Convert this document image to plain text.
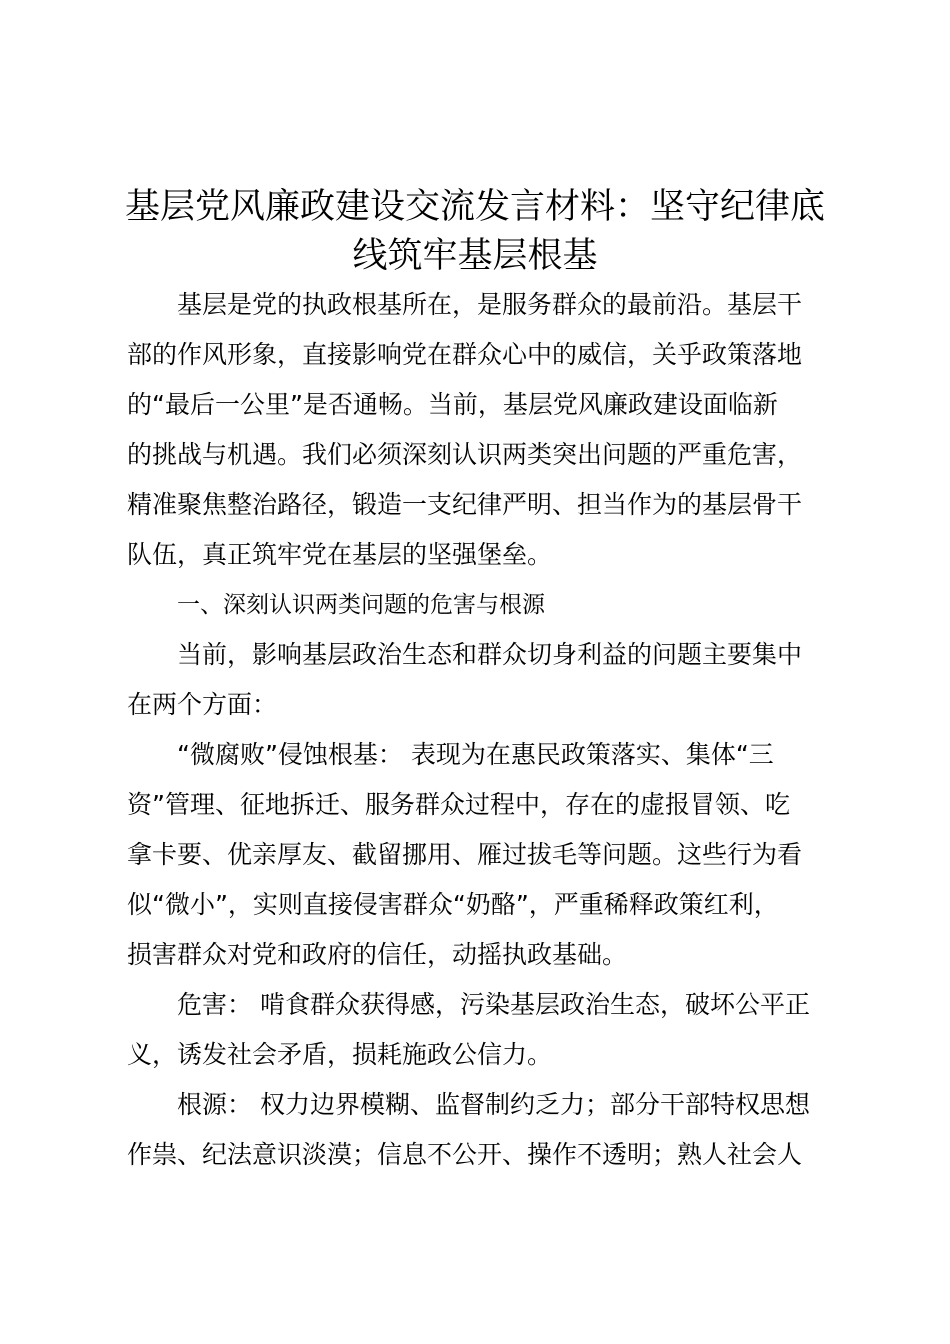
基层党风廉政建设交流发言材料：坚守纪律底
线筑牢基层根基

基层是党的执政根基所在，是服务群众的最前沿。基层干
部的作风形象，直接影响党在群众心中的威信，关乎政策落地
的“最后一公里”是否通畅。当前，基层党风廉政建设面临新
的挑战与机遇。我们必须深刻认识两类突出问题的严重危害，
精准聚焦整治路径，锻造一支纪律严明、担当作为的基层骨干
队伍，真正筑牢党在基层的坚强堡垒。

一、深刻认识两类问题的危害与根源

当前，影响基层政治生态和群众切身利益的问题主要集中
在两个方面：

“微腐败”侵蚀根基： 表现为在惠民政策落实、集体“三
资”管理、征地拆迁、服务群众过程中，存在的虚报冒领、吃
拿卡要、优亲厚友、截留挪用、雁过拔毛等问题。这些行为看
似“微小”，实则直接侵害群众“奶酪”，严重稀释政策红利，
损害群众对党和政府的信任，动摇执政基础。

危害： 啃食群众获得感，污染基层政治生态，破坏公平正
义，诱发社会矛盾，损耗施政公信力。

根源： 权力边界模糊、监督制约乏力；部分干部特权思想
作祟、纪法意识淡漠；信息不公开、操作不透明；熟人社会人
